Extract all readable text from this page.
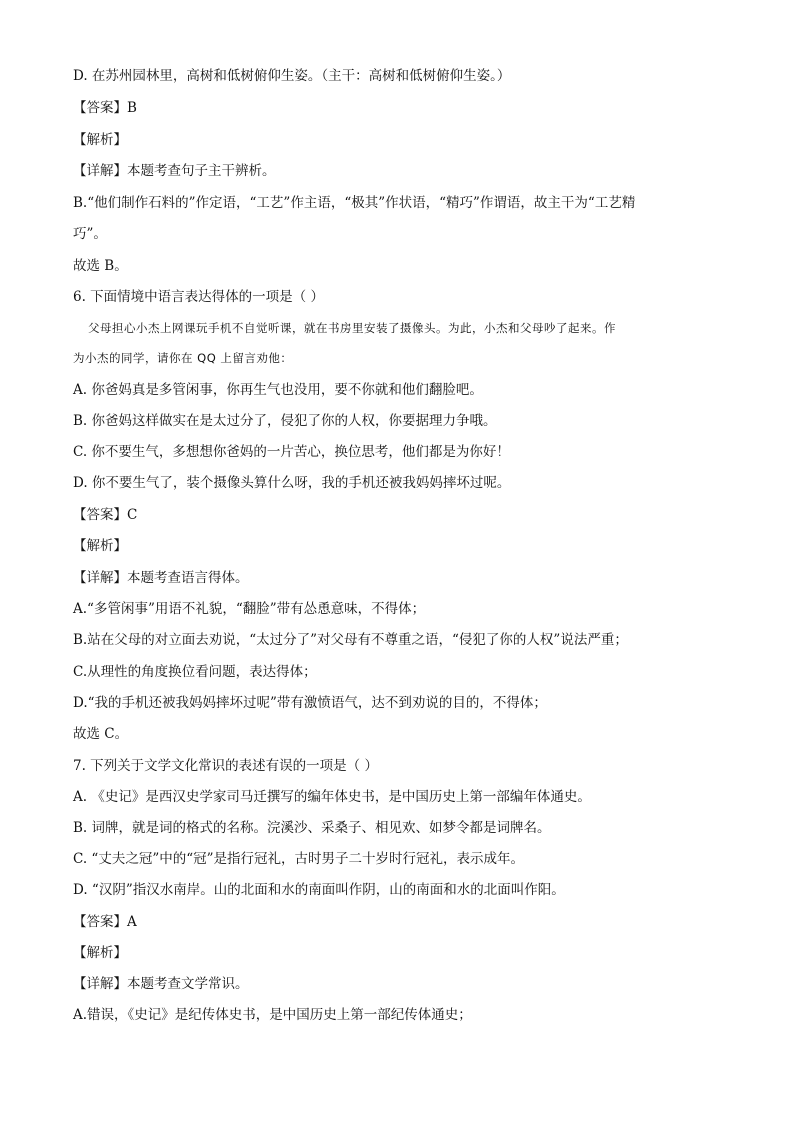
D. 在苏州园林里，高树和低树俯仰生姿。（主干：高树和低树俯仰生姿。）
【答案】B
【解析】
【详解】本题考查句子主干辨析。
B.“他们制作石料的”作定语，“工艺”作主语，“极其”作状语，“精巧”作谓语，故主干为“工艺精
巧”。
故选 B。
6. 下面情境中语言表达得体的一项是（ ）
父母担心小杰上网课玩手机不自觉听课，就在书房里安装了摄像头。为此，小杰和父母吵了起来。作
为小杰的同学，请你在 QQ 上留言劝他：
A. 你爸妈真是多管闲事，你再生气也没用，要不你就和他们翻脸吧。
B. 你爸妈这样做实在是太过分了，侵犯了你的人权，你要据理力争哦。
C. 你不要生气，多想想你爸妈的一片苦心，换位思考，他们都是为你好！
D. 你不要生气了，装个摄像头算什么呀，我的手机还被我妈妈摔坏过呢。
【答案】C
【解析】
【详解】本题考查语言得体。
A.“多管闲事”用语不礼貌，“翻脸”带有怂恿意味，不得体；
B.站在父母的对立面去劝说，“太过分了”对父母有不尊重之语，“侵犯了你的人权”说法严重；
C.从理性的角度换位看问题，表达得体；
D.“我的手机还被我妈妈摔坏过呢”带有激愤语气，达不到劝说的目的，不得体；
故选 C。
7. 下列关于文学文化常识的表述有误的一项是（ ）
A. 《史记》是西汉史学家司马迁撰写的编年体史书，是中国历史上第一部编年体通史。
B. 词牌，就是词的格式的名称。浣溪沙、采桑子、相见欢、如梦令都是词牌名。
C. “丈夫之冠”中的“冠”是指行冠礼，古时男子二十岁时行冠礼，表示成年。
D. “汉阴”指汉水南岸。山的北面和水的南面叫作阴，山的南面和水的北面叫作阳。
【答案】A
【解析】
【详解】本题考查文学常识。
A.错误，《史记》是纪传体史书，是中国历史上第一部纪传体通史；
